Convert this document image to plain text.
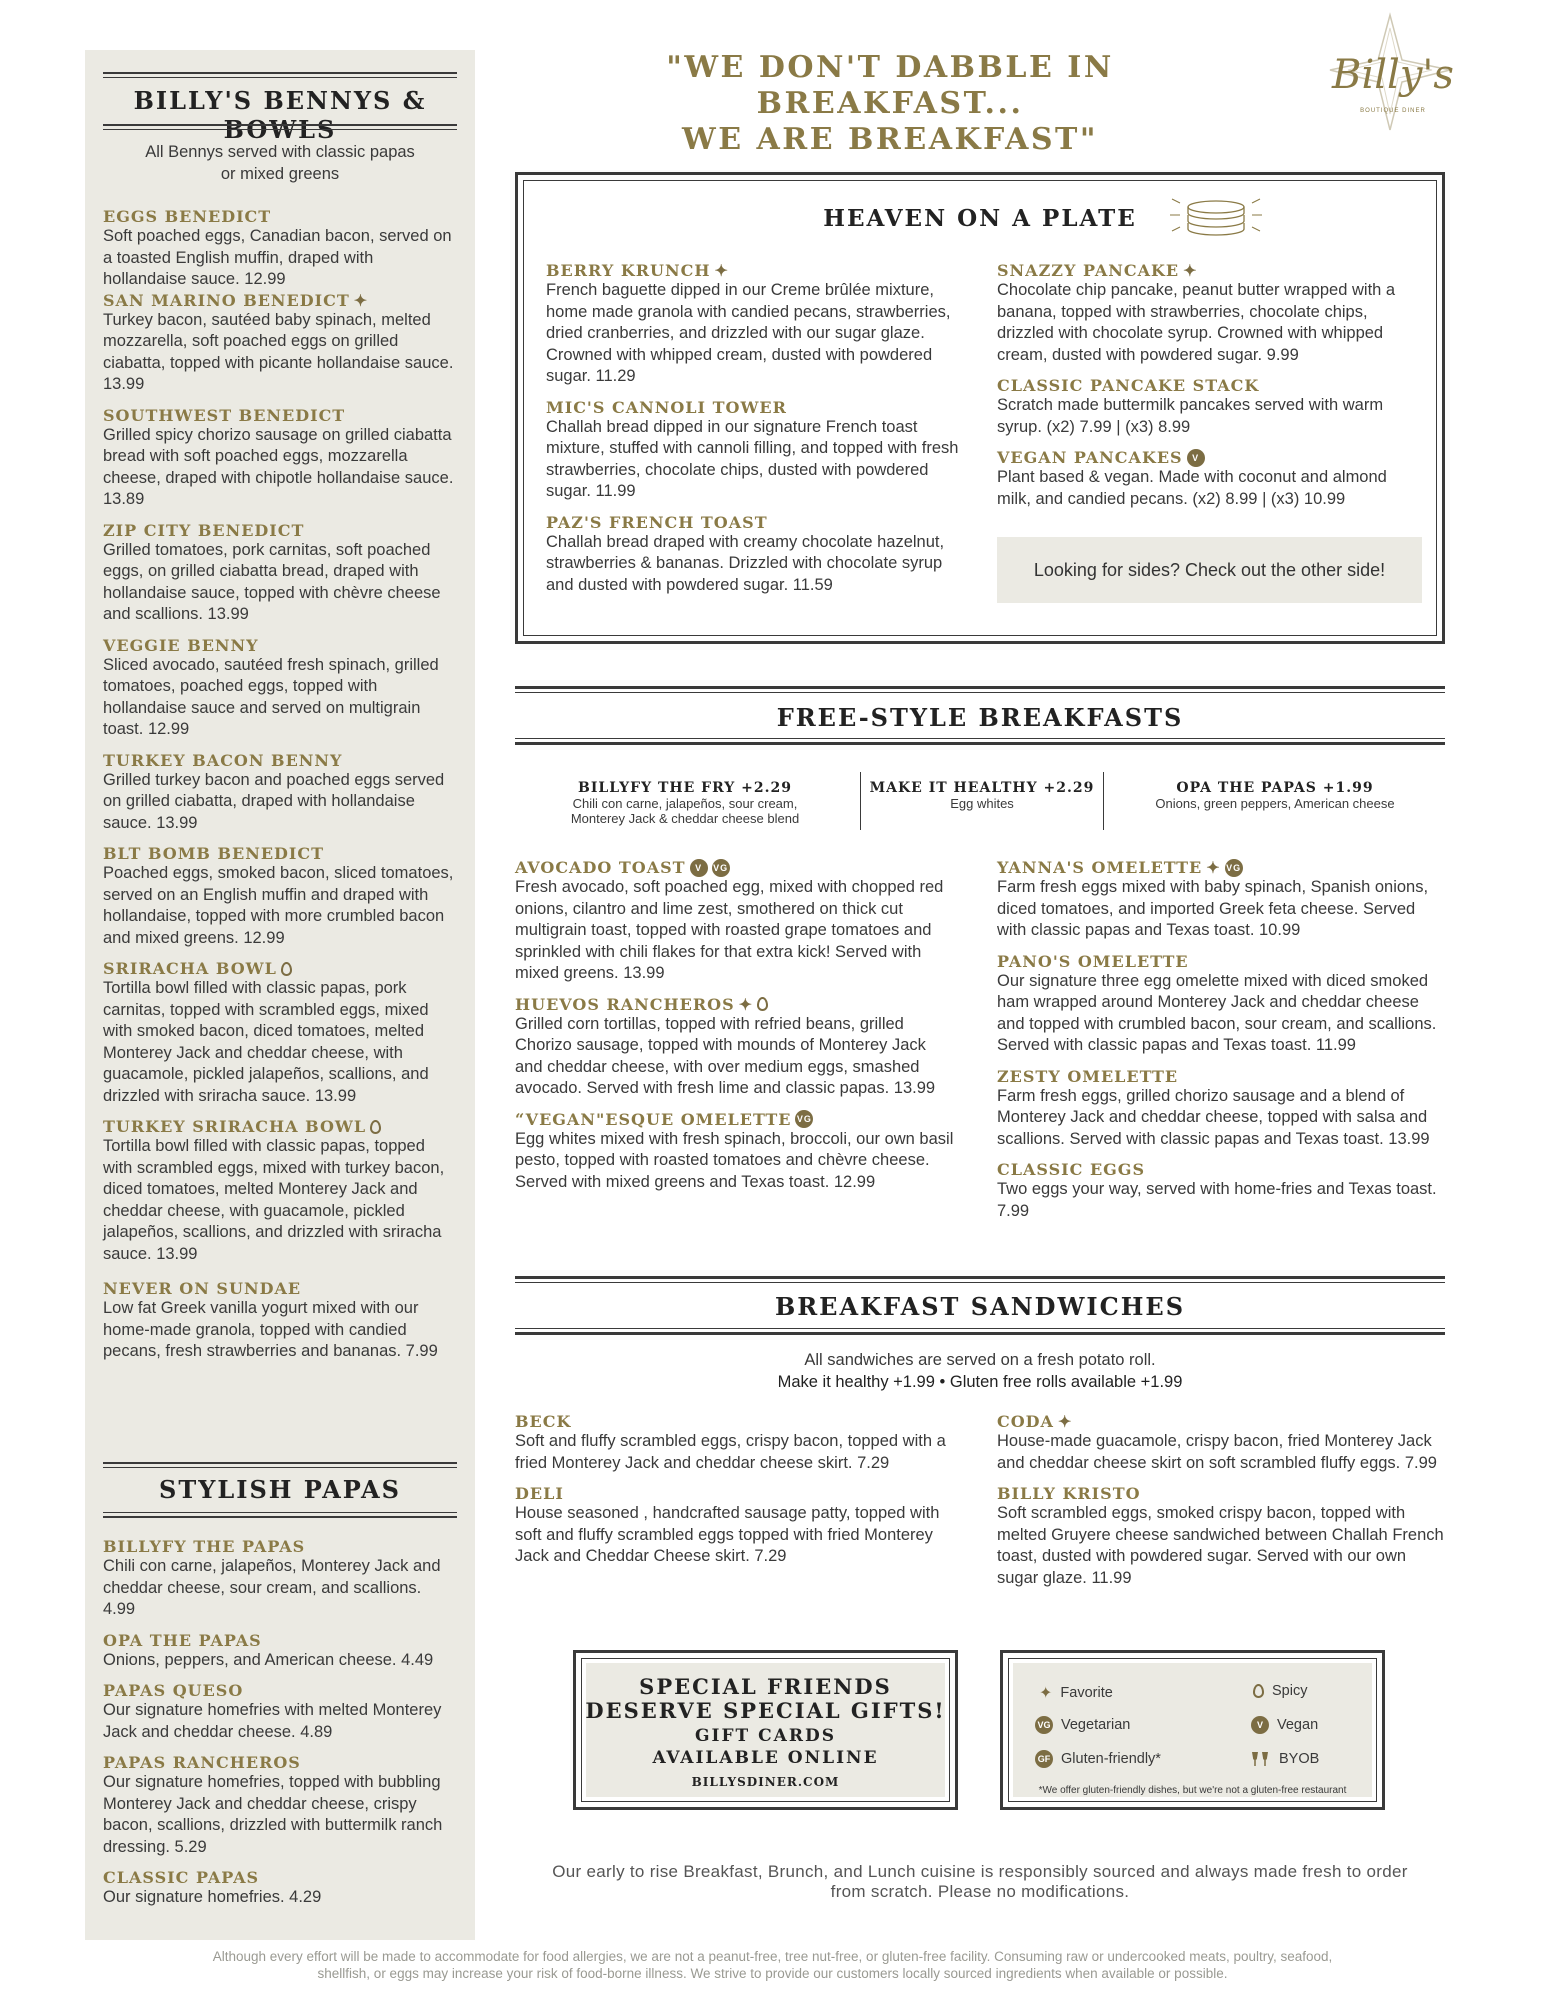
BILLY'S BENNYS & BOWLS
All Bennys served with classic papas
or mixed greens
EGGS BENEDICT
Soft poached eggs, Canadian bacon, served on a toasted English muffin, draped with hollandaise sauce. 12.99
SAN MARINO BENEDICT ✦
Turkey bacon, sautéed baby spinach, melted mozzarella, soft poached eggs on grilled ciabatta, topped with picante hollandaise sauce. 13.99
SOUTHWEST BENEDICT
Grilled spicy chorizo sausage on grilled ciabatta bread with soft poached eggs, mozzarella cheese, draped with chipotle hollandaise sauce. 13.89
ZIP CITY BENEDICT
Grilled tomatoes, pork carnitas, soft poached eggs, on grilled ciabatta bread, draped with hollandaise sauce, topped with chèvre cheese and scallions. 13.99
VEGGIE BENNY
Sliced avocado, sautéed fresh spinach, grilled tomatoes, poached eggs, topped with hollandaise sauce and served on multigrain toast. 12.99
TURKEY BACON BENNY
Grilled turkey bacon and poached eggs served on grilled ciabatta, draped with hollandaise sauce. 13.99
BLT BOMB BENEDICT
Poached eggs, smoked bacon, sliced tomatoes, served on an English muffin and draped with hollandaise, topped with more crumbled bacon and mixed greens. 12.99
SRIRACHA BOWL
Tortilla bowl filled with classic papas, pork carnitas, topped with scrambled eggs, mixed with smoked bacon, diced tomatoes, melted Monterey Jack and cheddar cheese, with guacamole, pickled jalapeños, scallions, and drizzled with sriracha sauce. 13.99
TURKEY SRIRACHA BOWL
Tortilla bowl filled with classic papas, topped with scrambled eggs, mixed with turkey bacon, diced tomatoes, melted Monterey Jack and cheddar cheese, with guacamole, pickled jalapeños, scallions, and drizzled with sriracha sauce. 13.99
NEVER ON SUNDAE
Low fat Greek vanilla yogurt mixed with our home-made granola, topped with candied pecans, fresh strawberries and bananas. 7.99
STYLISH PAPAS
BILLYFY THE PAPAS
Chili con carne, jalapeños, Monterey Jack and cheddar cheese, sour cream, and scallions. 4.99
OPA THE PAPAS
Onions, peppers, and American cheese. 4.49
PAPAS QUESO
Our signature homefries with melted Monterey Jack and cheddar cheese. 4.89
PAPAS RANCHEROS
Our signature homefries, topped with bubbling Monterey Jack and cheddar cheese, crispy bacon, scallions, drizzled with buttermilk ranch dressing. 5.29
CLASSIC PAPAS
Our signature homefries. 4.29
"WE DON'T DABBLE IN BREAKFAST...
WE ARE BREAKFAST"
Billy's
BOUTIQUE DINER
HEAVEN ON A PLATE
BERRY KRUNCH ✦
French baguette dipped in our Creme brûlée mixture, home made granola with candied pecans, strawberries, dried cranberries, and drizzled with our sugar glaze. Crowned with whipped cream, dusted with powdered sugar. 11.29
MIC'S CANNOLI TOWER
Challah bread dipped in our signature French toast mixture, stuffed with cannoli filling, and topped with fresh strawberries, chocolate chips, dusted with powdered sugar. 11.99
PAZ'S FRENCH TOAST
Challah bread draped with creamy chocolate hazelnut, strawberries & bananas. Drizzled with chocolate syrup and dusted with powdered sugar. 11.59
SNAZZY PANCAKE ✦
Chocolate chip pancake, peanut butter wrapped with a banana, topped with strawberries, chocolate chips, drizzled with chocolate syrup. Crowned with whipped cream, dusted with powdered sugar. 9.99
CLASSIC PANCAKE STACK
Scratch made buttermilk pancakes served with warm syrup. (x2) 7.99 | (x3) 8.99
VEGAN PANCAKES	V
Plant based & vegan. Made with coconut and almond milk, and candied pecans. (x2) 8.99 | (x3) 10.99
Looking for sides? Check out the other side!
FREE-STYLE BREAKFASTS
BILLYFY THE FRY +2.29
Chili con carne, jalapeños, sour cream,
Monterey Jack & cheddar cheese blend
MAKE IT HEALTHY +2.29
Egg whites
OPA THE PAPAS +1.99
Onions, green peppers, American cheese
AVOCADO TOAST	V	VG
Fresh avocado, soft poached egg, mixed with chopped red onions, cilantro and lime zest, smothered on thick cut multigrain toast, topped with roasted grape tomatoes and sprinkled with chili flakes for that extra kick! Served with mixed greens. 13.99
HUEVOS RANCHEROS ✦
Grilled corn tortillas, topped with refried beans, grilled Chorizo sausage, topped with mounds of Monterey Jack and cheddar cheese, with over medium eggs, smashed avocado. Served with fresh lime and classic papas. 13.99
“VEGAN"ESQUE OMELETTE VG
Egg whites mixed with fresh spinach, broccoli, our own basil pesto, topped with roasted tomatoes and chèvre cheese. Served with mixed greens and Texas toast. 12.99
YANNA'S OMELETTE ✦ VG
Farm fresh eggs mixed with baby spinach, Spanish onions, diced tomatoes, and imported Greek feta cheese. Served with classic papas and Texas toast. 10.99
PANO'S OMELETTE
Our signature three egg omelette mixed with diced smoked ham wrapped around Monterey Jack and cheddar cheese and topped with crumbled bacon, sour cream, and scallions. Served with classic papas and Texas toast. 11.99
ZESTY OMELETTE
Farm fresh eggs, grilled chorizo sausage and a blend of Monterey Jack and cheddar cheese, topped with salsa and scallions. Served with classic papas and Texas toast. 13.99
CLASSIC EGGS
Two eggs your way, served with home-fries and Texas toast. 7.99
BREAKFAST SANDWICHES
All sandwiches are served on a fresh potato roll.
Make it healthy +1.99 • Gluten free rolls available +1.99
BECK
Soft and fluffy scrambled eggs, crispy bacon, topped with a fried Monterey Jack and cheddar cheese skirt. 7.29
DELI
House seasoned , handcrafted sausage patty, topped with soft and fluffy scrambled eggs topped with fried Monterey Jack and Cheddar Cheese skirt. 7.29
CODA ✦
House-made guacamole, crispy bacon, fried Monterey Jack and cheddar cheese skirt on soft scrambled fluffy eggs. 7.99
BILLY KRISTO
Soft scrambled eggs, smoked crispy bacon, topped with melted Gruyere cheese sandwiched between Challah French toast, dusted with powdered sugar. Served with our own sugar glaze. 11.99
SPECIAL FRIENDS
DESERVE SPECIAL GIFTS!
GIFT CARDS
AVAILABLE ONLINE
BILLYSDINER.COM
✦ Favorite	Spicy
VG Vegetarian	V Vegan
GF Gluten-friendly*	BYOB
*We offer gluten-friendly dishes, but we're not a gluten-free restaurant
Our early to rise Breakfast, Brunch, and Lunch cuisine is responsibly sourced and always made fresh to order
from scratch. Please no modifications.
Although every effort will be made to accommodate for food allergies, we are not a peanut-free, tree nut-free, or gluten-free facility. Consuming raw or undercooked meats, poultry, seafood,
shellfish, or eggs may increase your risk of food-borne illness. We strive to provide our customers locally sourced ingredients when available or possible.
